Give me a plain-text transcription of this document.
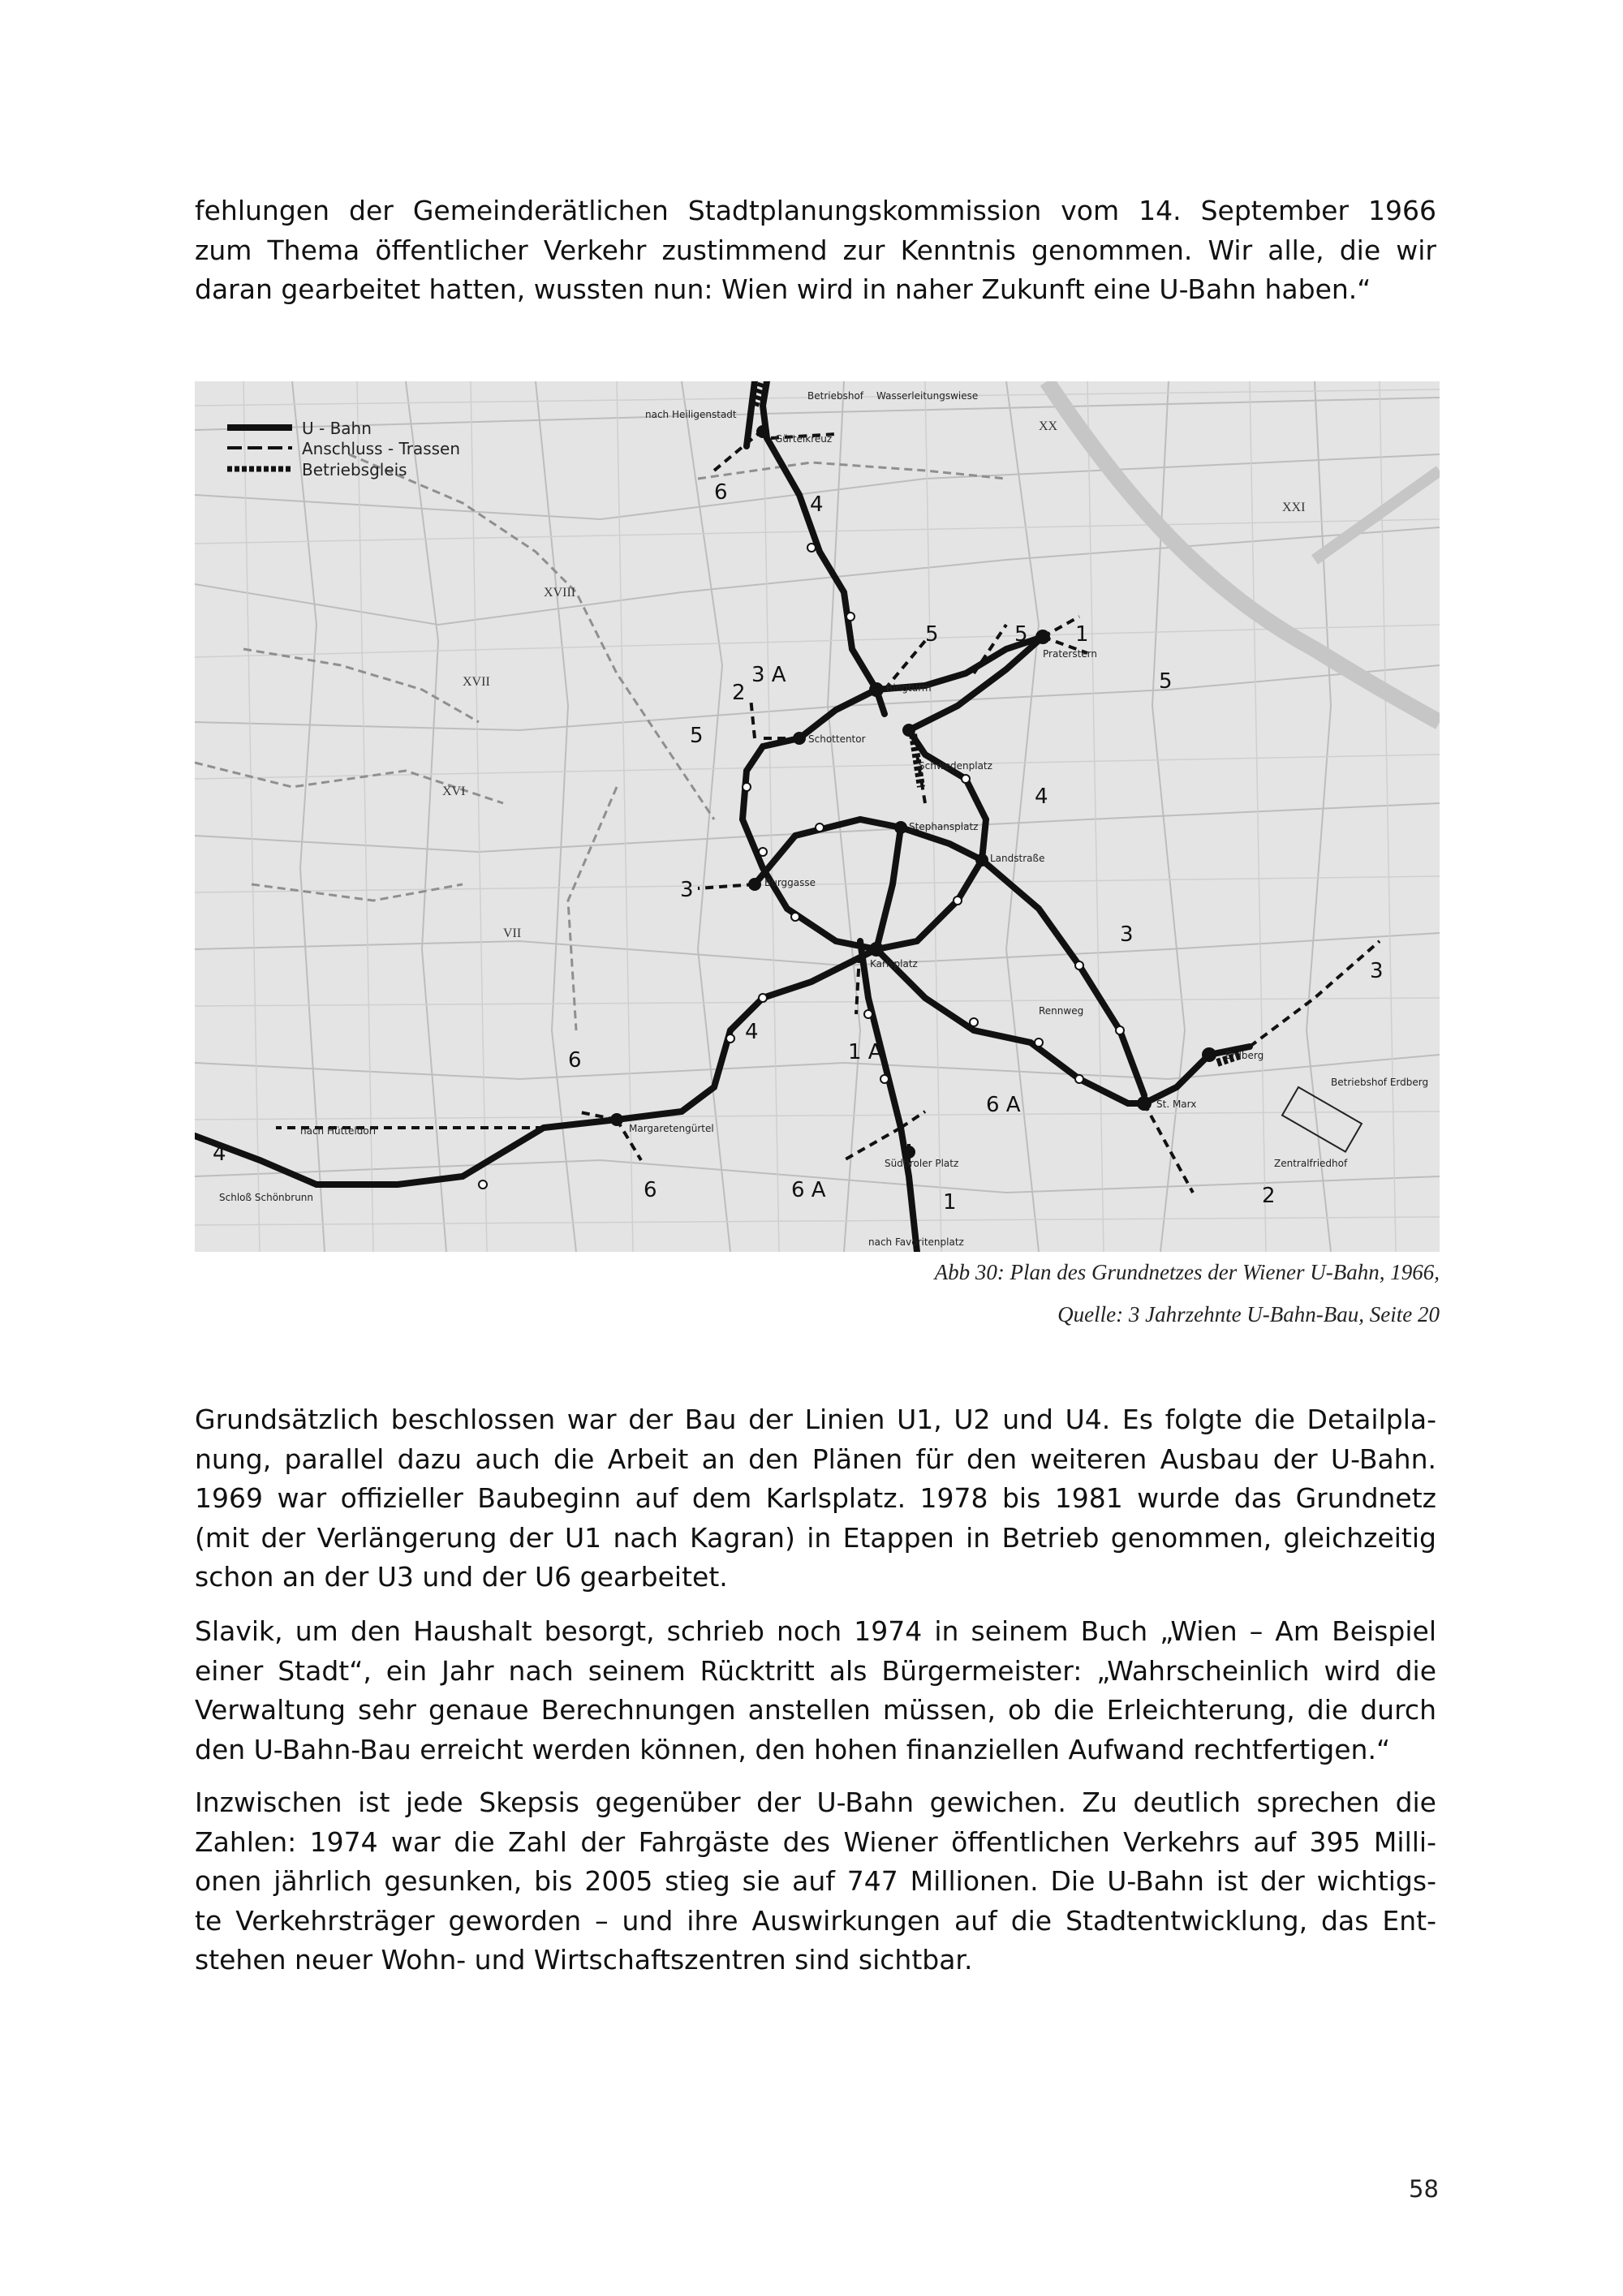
fehlungen der Gemeinderätlichen Stadtplanungskommission vom 14. September 1966
zum Thema öffentlicher Verkehr zustimmend zur Kenntnis genommen. Wir alle, die wir
daran gearbeitet hatten, wussten nun: Wien wird in naher Zukunft eine U-Bahn haben.“

U - Bahn
Anschluss - Trassen
Betriebsgleis
XVIII
XVII
XVI
VII
XX
XXI
6	4
5	5 1
5
2
3 A
5
4
3
3
3
4
6	1 A
6 A
6 A
6	1	2
4
nach Heiligenstadt
Betriebshof Wasserleitungswiese
Gürtelkreuz
Ringturm
Praterstern
Schottentor
Schwedenplatz
Stephansplatz
Landstraße
Burggasse
Karlsplatz
Rennweg
Erdberg
Betriebshof Erdberg
St. Marx
Margaretengürtel
nach Hütteldorf
Südtiroler Platz
nach Favoritenplatz
Schloß Schönbrunn
Zentralfriedhof
Abb 30: Plan des Grundnetzes der Wiener U-Bahn, 1966,
Quelle: 3 Jahrzehnte U-Bahn-Bau, Seite 20

Grundsätzlich beschlossen war der Bau der Linien U1, U2 und U4. Es folgte die Detailpla-
nung, parallel dazu auch die Arbeit an den Plänen für den weiteren Ausbau der U-Bahn.
1969 war offizieller Baubeginn auf dem Karlsplatz. 1978 bis 1981 wurde das Grundnetz
(mit der Verlängerung der U1 nach Kagran) in Etappen in Betrieb genommen, gleichzeitig
schon an der U3 und der U6 gearbeitet.

Slavik, um den Haushalt besorgt, schrieb noch 1974 in seinem Buch „Wien – Am Beispiel
einer Stadt“, ein Jahr nach seinem Rücktritt als Bürgermeister: „Wahrscheinlich wird die
Verwaltung sehr genaue Berechnungen anstellen müssen, ob die Erleichterung, die durch
den U-Bahn-Bau erreicht werden können, den hohen finanziellen Aufwand rechtfertigen.“

Inzwischen ist jede Skepsis gegenüber der U-Bahn gewichen. Zu deutlich sprechen die
Zahlen: 1974 war die Zahl der Fahrgäste des Wiener öffentlichen Verkehrs auf 395 Milli-
onen jährlich gesunken, bis 2005 stieg sie auf 747 Millionen. Die U-Bahn ist der wichtigs-
te Verkehrsträger geworden – und ihre Auswirkungen auf die Stadtentwicklung, das Ent-
stehen neuer Wohn- und Wirtschaftszentren sind sichtbar.

58
